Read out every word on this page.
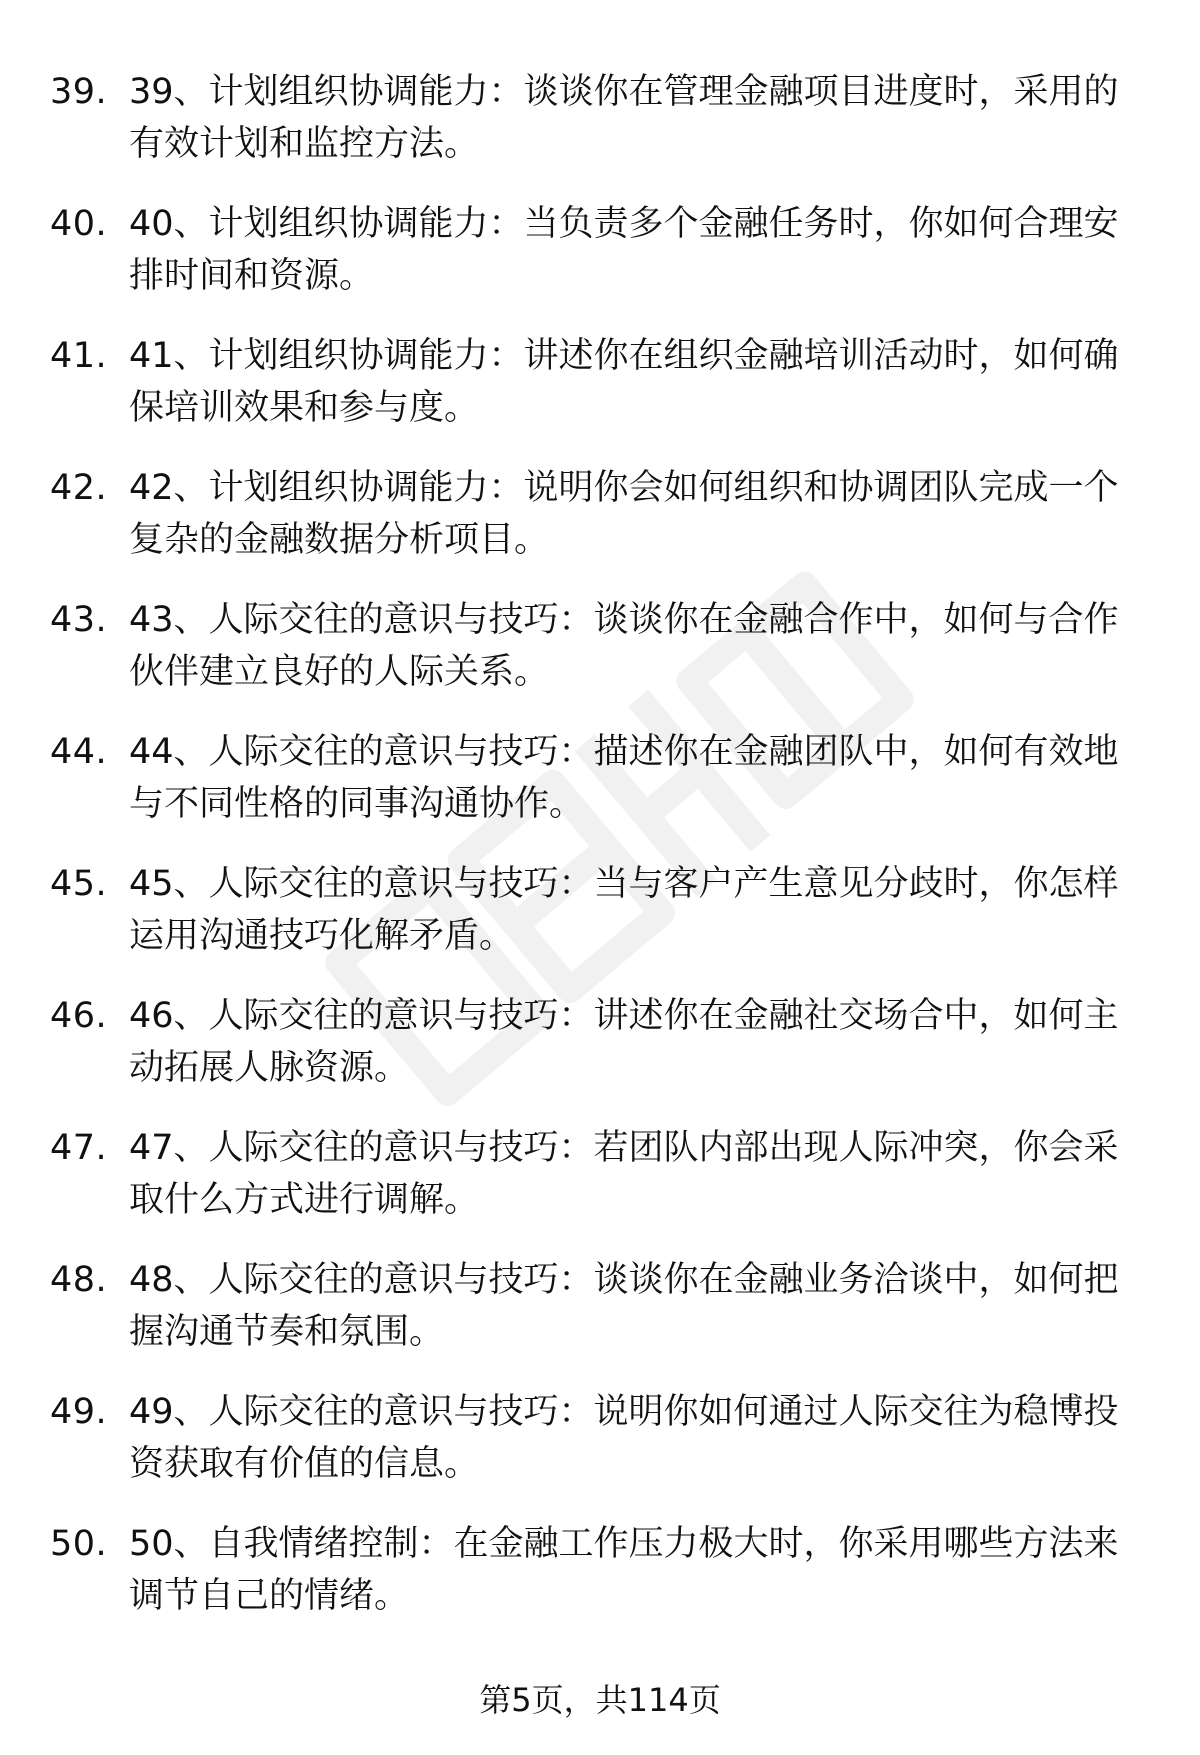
39. 39、计划组织协调能力：谈谈你在管理金融项目进度时，采用的有效计划和监控方法。
40. 40、计划组织协调能力：当负责多个金融任务时，你如何合理安排时间和资源。
41. 41、计划组织协调能力：讲述你在组织金融培训活动时，如何确保培训效果和参与度。
42. 42、计划组织协调能力：说明你会如何组织和协调团队完成一个复杂的金融数据分析项目。
43. 43、人际交往的意识与技巧：谈谈你在金融合作中，如何与合作伙伴建立良好的人际关系。
44. 44、人际交往的意识与技巧：描述你在金融团队中，如何有效地与不同性格的同事沟通协作。
45. 45、人际交往的意识与技巧：当与客户产生意见分歧时，你怎样运用沟通技巧化解矛盾。
46. 46、人际交往的意识与技巧：讲述你在金融社交场合中，如何主动拓展人脉资源。
47. 47、人际交往的意识与技巧：若团队内部出现人际冲突，你会采取什么方式进行调解。
48. 48、人际交往的意识与技巧：谈谈你在金融业务洽谈中，如何把握沟通节奏和氛围。
49. 49、人际交往的意识与技巧：说明你如何通过人际交往为稳博投资获取有价值的信息。
50. 50、自我情绪控制：在金融工作压力极大时，你采用哪些方法来调节自己的情绪。
第5页，共114页
